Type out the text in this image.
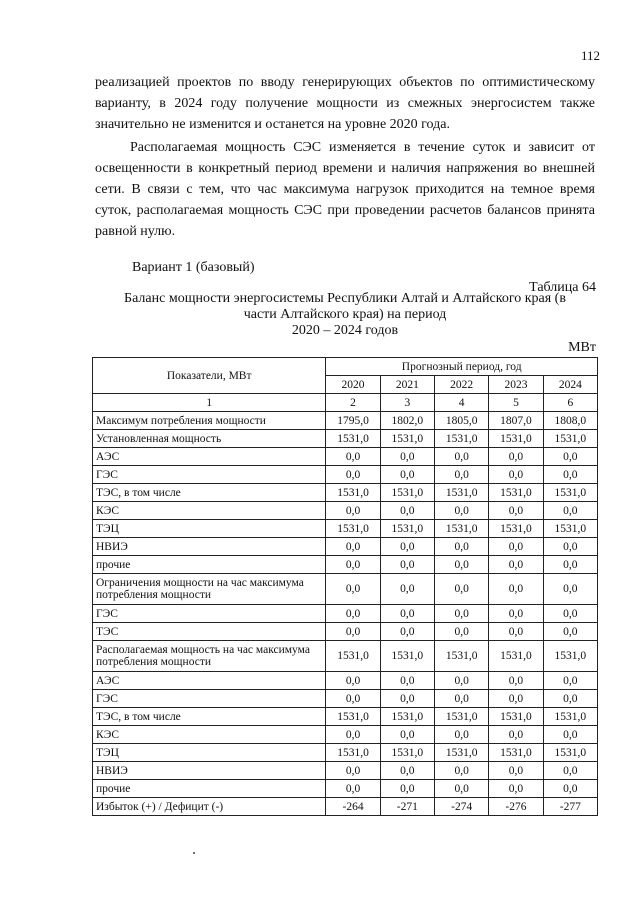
112

реализацией проектов по вводу генерирующих объектов по оптимистическому варианту, в 2024 году получение мощности из смежных энергосистем также значительно не изменится и останется на уровне 2020 года.

Располагаемая мощность СЭС изменяется в течение суток и зависит от освещенности в конкретный период времени и наличия напряжения во внешней сети. В связи с тем, что час максимума нагрузок приходится на темное время суток, располагаемая мощность СЭС при проведении расчетов балансов принята равной нулю.

Вариант 1 (базовый)
Таблица 64
Баланс мощности энергосистемы Республики Алтай и Алтайского края (в
части Алтайского края) на период
2020 – 2024 годов
МВт
Показатели, МВт	Прогнозный период, год				
	2020	2021	2022	2023	2024
1	2	3	4	5	6
Максимум потребления мощности	1795,0	1802,0	1805,0	1807,0	1808,0
Установленная мощность	1531,0	1531,0	1531,0	1531,0	1531,0
АЭС	0,0	0,0	0,0	0,0	0,0
ГЭС	0,0	0,0	0,0	0,0	0,0
ТЭС, в том числе	1531,0	1531,0	1531,0	1531,0	1531,0
КЭС	0,0	0,0	0,0	0,0	0,0
ТЭЦ	1531,0	1531,0	1531,0	1531,0	1531,0
НВИЭ	0,0	0,0	0,0	0,0	0,0
прочие	0,0	0,0	0,0	0,0	0,0
Ограничения мощности на час максимума потребления мощности	0,0	0,0	0,0	0,0	0,0
ГЭС	0,0	0,0	0,0	0,0	0,0
ТЭС	0,0	0,0	0,0	0,0	0,0
Располагаемая мощность на час максимума потребления мощности	1531,0	1531,0	1531,0	1531,0	1531,0
АЭС	0,0	0,0	0,0	0,0	0,0
ГЭС	0,0	0,0	0,0	0,0	0,0
ТЭС, в том числе	1531,0	1531,0	1531,0	1531,0	1531,0
КЭС	0,0	0,0	0,0	0,0	0,0
ТЭЦ	1531,0	1531,0	1531,0	1531,0	1531,0
НВИЭ	0,0	0,0	0,0	0,0	0,0
прочие	0,0	0,0	0,0	0,0	0,0
Избыток (+) / Дефицит (-)	-264	-271	-274	-276	-277
